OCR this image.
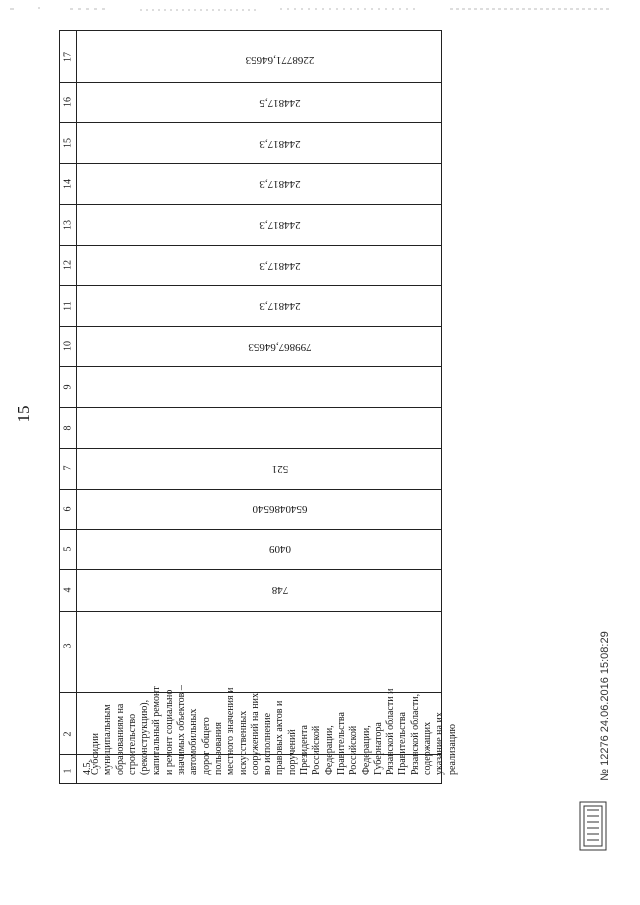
15
17
16
15
14
13
12
11
10
9
8
7
6
5
4
3
2
1
2268771,64653
244817,5
244817,3
244817,3
244817,3
244817,3
244817,3
799867,64653
521
6540486540
0409
748
4.5.
Субсидии муниципальным образованиям на строительство (реконструкцию), капитальный ремонт и ремонт социально значимых объектов – автомобильных дорог общего пользования местного значения и искусственных сооружений на них во исполнение правовых актов и поручений Президента Российской Федерации, Правительства Российской Федерации, Губернатора Рязанской области и Правительства Рязанской области, содержащих указание на их реализацию	№ 12276 24.06.2016 15:08:29
